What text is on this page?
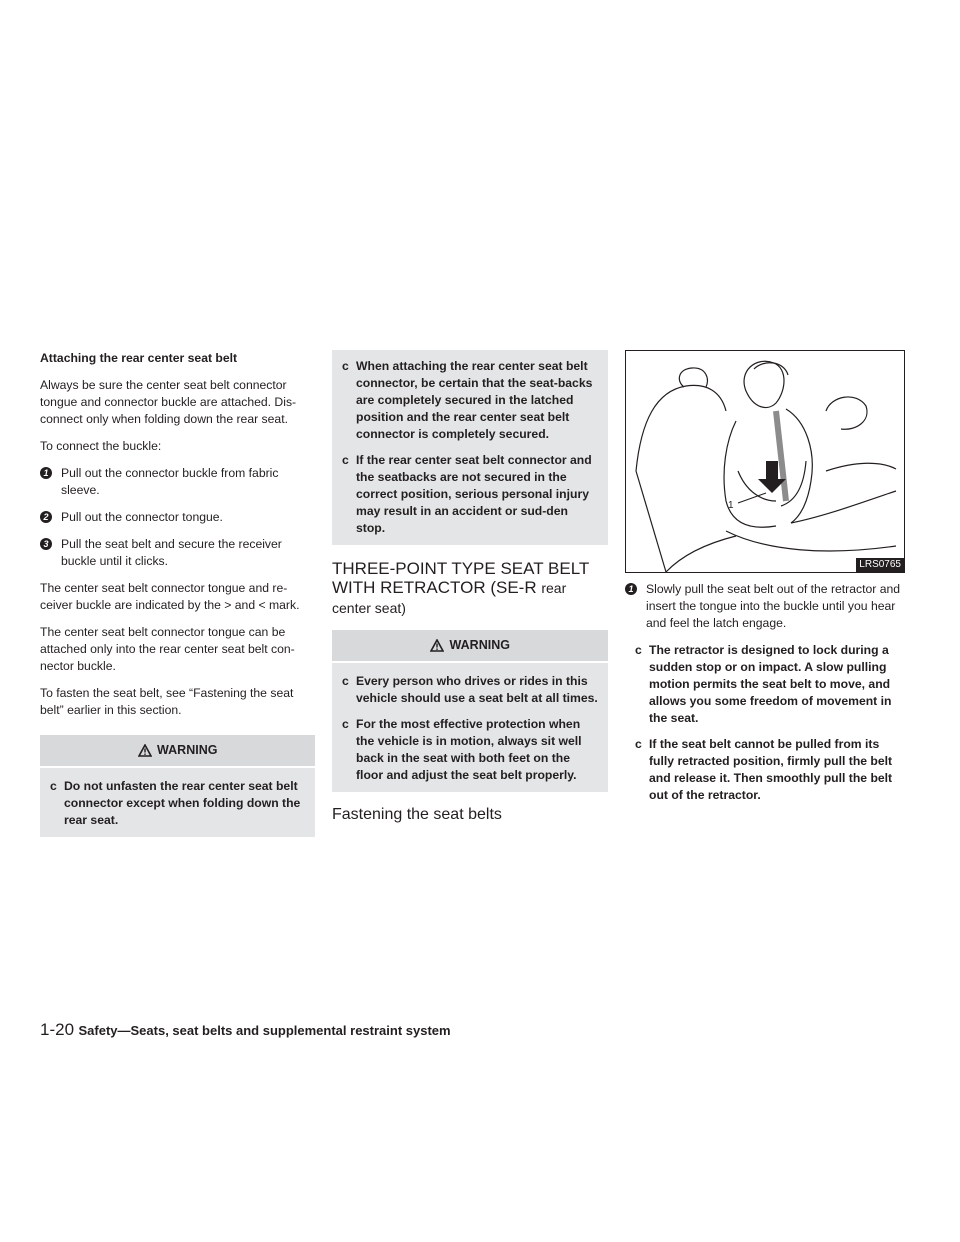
Attaching the rear center seat belt

Always be sure the center seat belt connector tongue and connector buckle are attached. Dis-connect only when folding down the rear seat.

To connect the buckle:

1 Pull out the connector buckle from fabric sleeve.
2 Pull out the connector tongue.
3 Pull the seat belt and secure the receiver buckle until it clicks.

The center seat belt connector tongue and re-ceiver buckle are indicated by the > and < mark.

The center seat belt connector tongue can be attached only into the rear center seat belt con-nector buckle.

To fasten the seat belt, see “Fastening the seat belt” earlier in this section.

WARNING
c Do not unfasten the rear center seat belt connector except when folding down the rear seat.
c When attaching the rear center seat belt connector, be certain that the seat-backs are completely secured in the latched position and the rear center seat belt connector is completely secured.
c If the rear center seat belt connector and the seatbacks are not secured in the correct position, serious personal injury may result in an accident or sud-den stop.
THREE-POINT TYPE SEAT BELT WITH RETRACTOR (SE-R rear center seat)
WARNING
c Every person who drives or rides in this vehicle should use a seat belt at all times.
c For the most effective protection when the vehicle is in motion, always sit well back in the seat with both feet on the floor and adjust the seat belt properly.
Fastening the seat belts
1
LRS0765
1 Slowly pull the seat belt out of the retractor and insert the tongue into the buckle until you hear and feel the latch engage.
c The retractor is designed to lock during a sudden stop or on impact. A slow pulling motion permits the seat belt to move, and allows you some freedom of movement in the seat.
c If the seat belt cannot be pulled from its fully retracted position, firmly pull the belt and release it. Then smoothly pull the belt out of the retractor.
1-20 Safety—Seats, seat belts and supplemental restraint system
